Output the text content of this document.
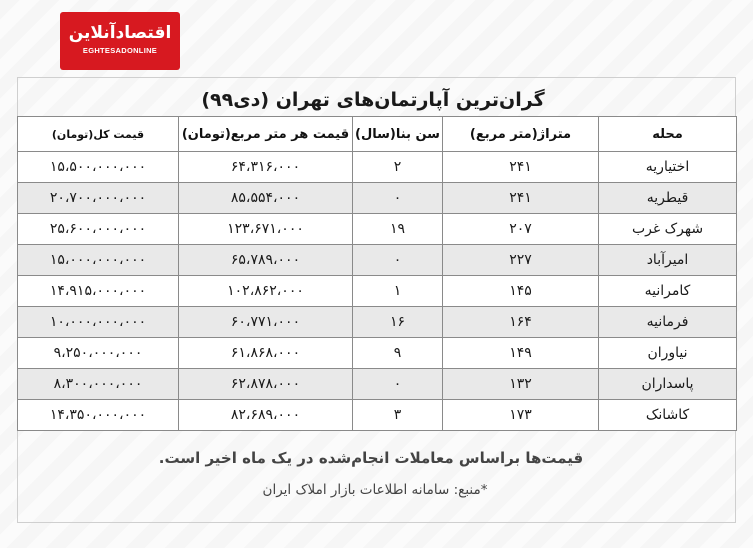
اقتصادآنلاین
EGHTESADONLINE
گران‌ترین آپارتمان‌های تهران (دی۹۹)
محله	متراژ(متر مربع)	سن بنا(سال)	قیمت هر متر مربع(تومان)	قیمت کل(تومان)
اختیاریه	۲۴۱	۲	۶۴،۳۱۶،۰۰۰	۱۵،۵۰۰،۰۰۰،۰۰۰
قیطریه	۲۴۱	۰	۸۵،۵۵۴،۰۰۰	۲۰،۷۰۰،۰۰۰،۰۰۰
شهرک غرب	۲۰۷	۱۹	۱۲۳،۶۷۱،۰۰۰	۲۵،۶۰۰،۰۰۰،۰۰۰
امیرآباد	۲۲۷	۰	۶۵،۷۸۹،۰۰۰	۱۵،۰۰۰،۰۰۰،۰۰۰
کامرانیه	۱۴۵	۱	۱۰۲،۸۶۲،۰۰۰	۱۴،۹۱۵،۰۰۰،۰۰۰
فرمانیه	۱۶۴	۱۶	۶۰،۷۷۱،۰۰۰	۱۰،۰۰۰،۰۰۰،۰۰۰
نیاوران	۱۴۹	۹	۶۱،۸۶۸،۰۰۰	۹،۲۵۰،۰۰۰،۰۰۰
پاسداران	۱۳۲	۰	۶۲،۸۷۸،۰۰۰	۸،۳۰۰،۰۰۰،۰۰۰
کاشانک	۱۷۳	۳	۸۲،۶۸۹،۰۰۰	۱۴،۳۵۰،۰۰۰،۰۰۰
قیمت‌ها براساس معاملات انجام‌شده در یک ماه اخیر است.
*منبع: سامانه اطلاعات بازار املاک ایران
